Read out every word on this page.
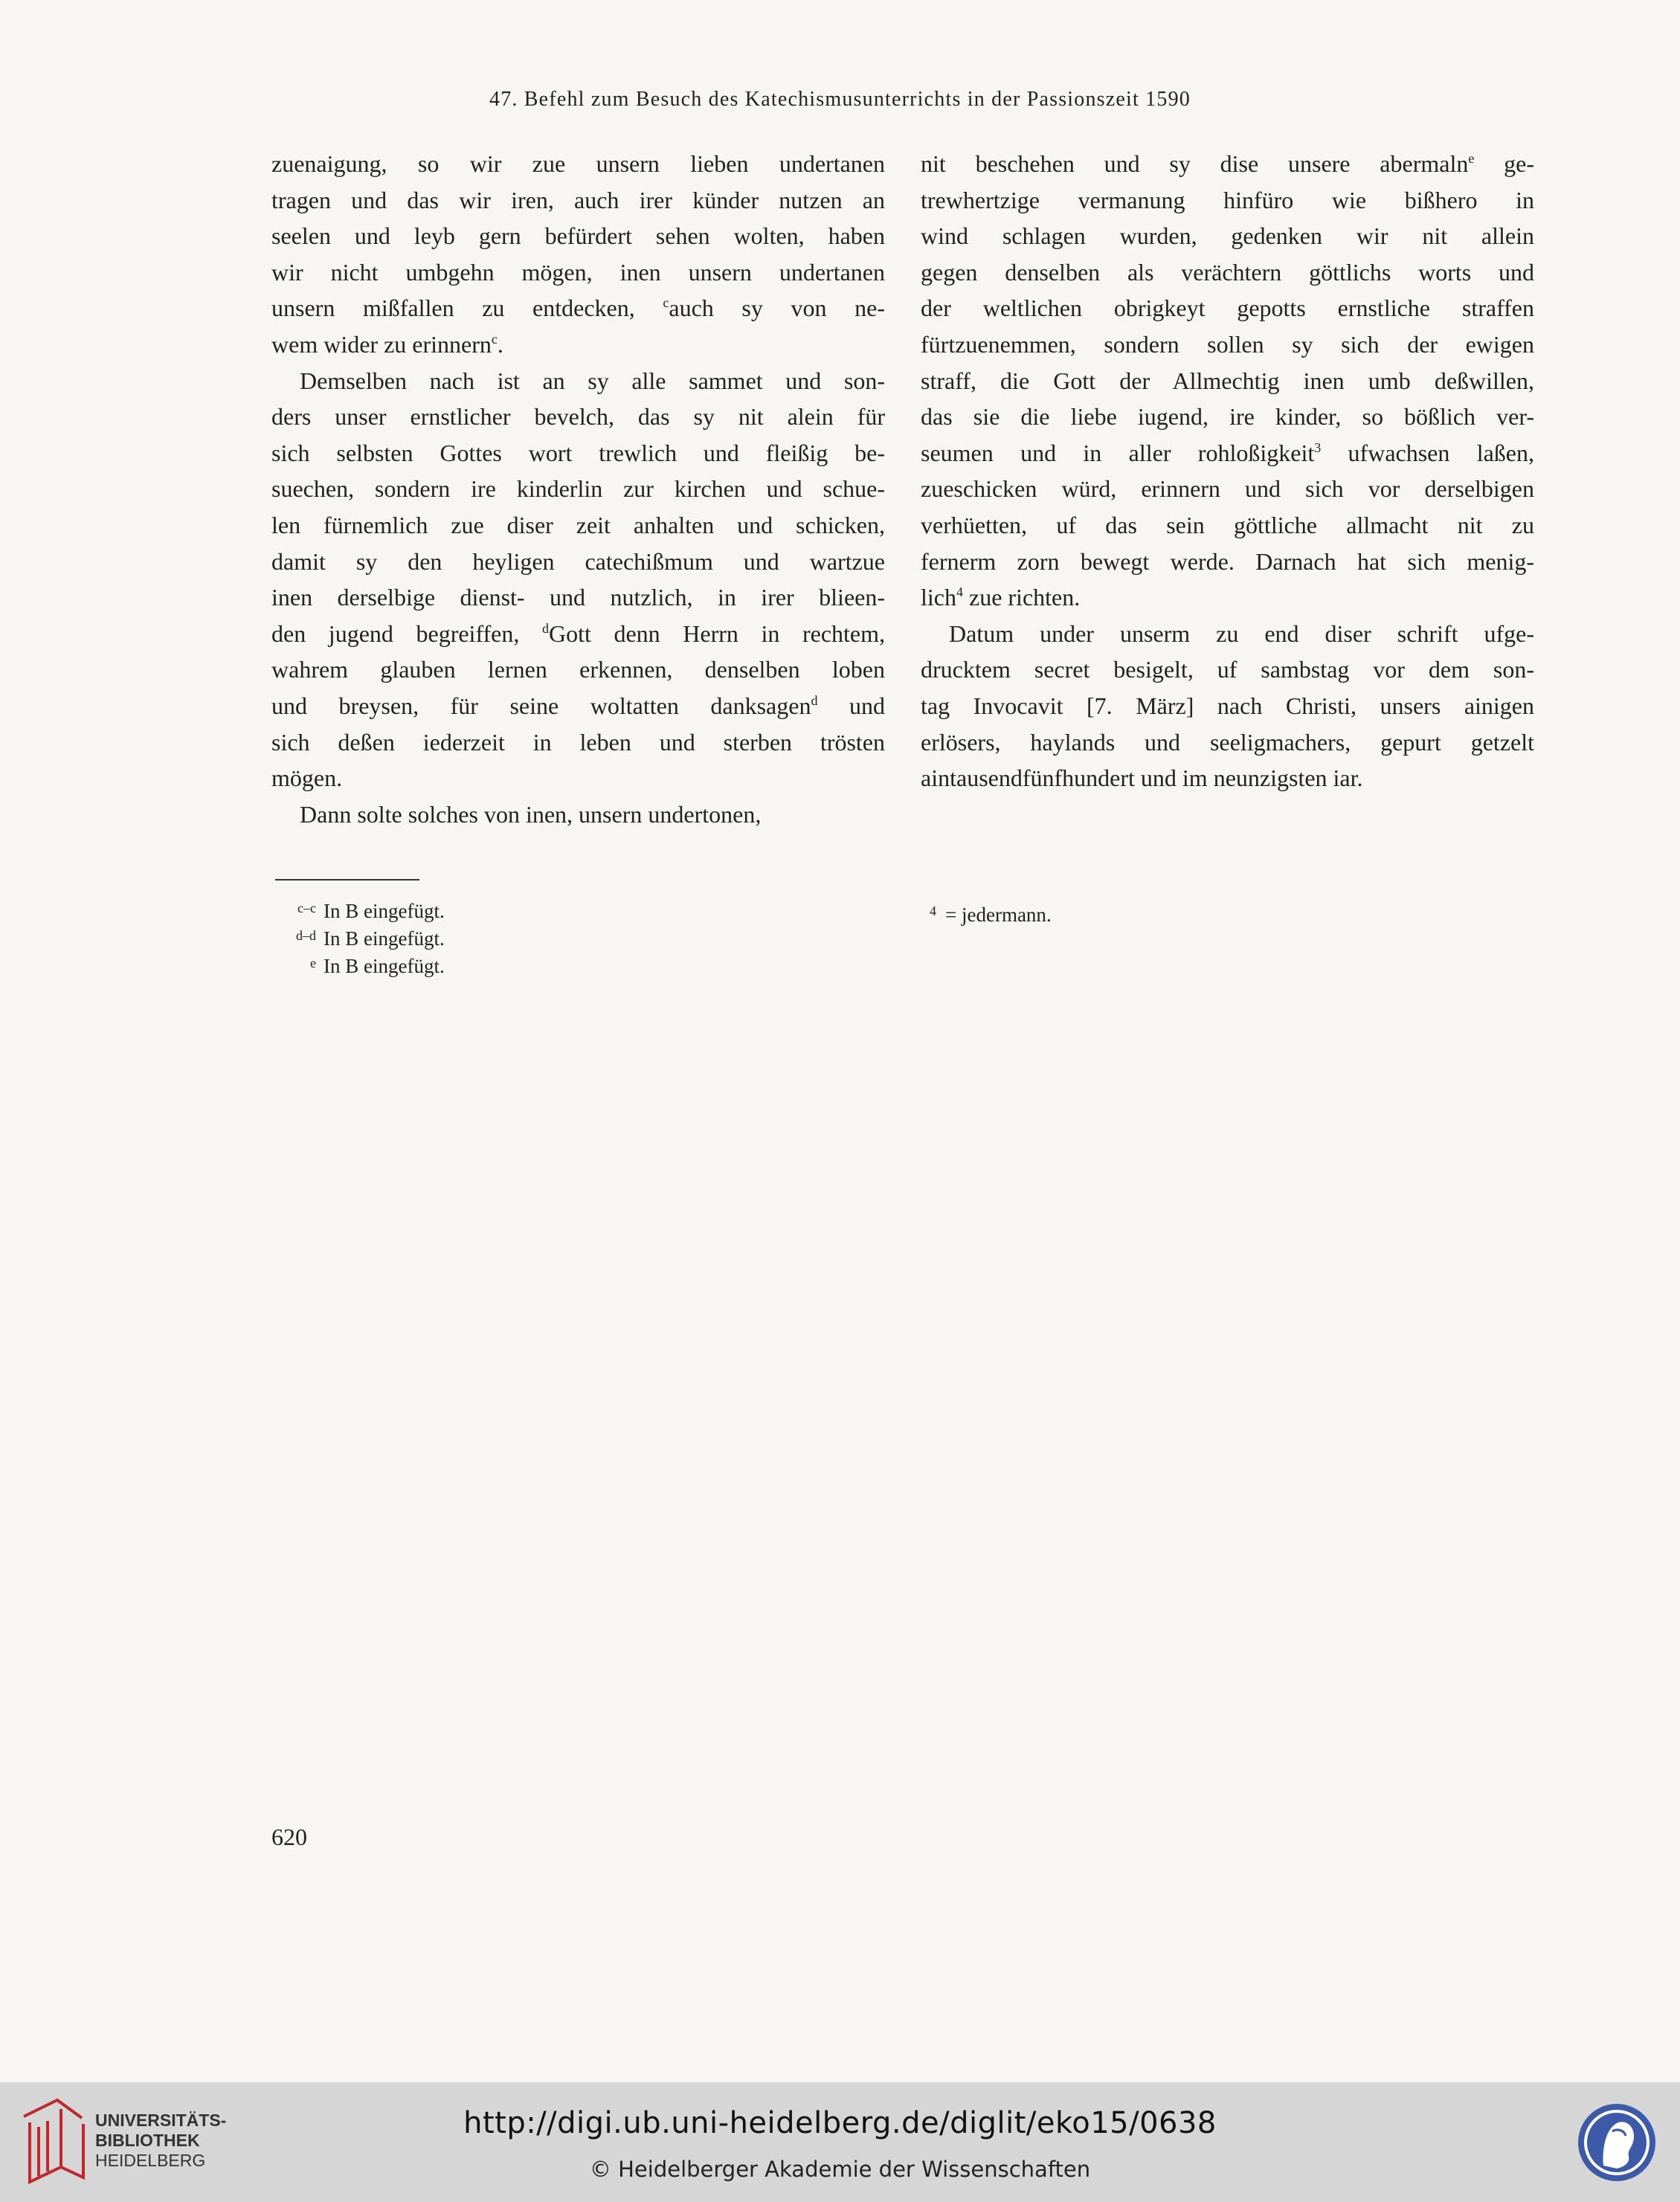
47. Befehl zum Besuch des Katechismusunterrichts in der Passionszeit 1590
zuenaigung, so wir zue unsern lieben undertanen
tragen und das wir iren, auch irer künder nutzen an
seelen und leyb gern befürdert sehen wolten, haben
wir nicht umbgehn mögen, inen unsern undertanen
unsern mißfallen zu entdecken, $^c$auch sy von ne-
wem wider zu erinnern$^c$.
Demselben nach ist an sy alle sammet und son-
ders unser ernstlicher bevelch, das sy nit alein für
sich selbsten Gottes wort trewlich und fleißig be-
suechen, sondern ire kinderlin zur kirchen und schue-
len fürnemlich zue diser zeit anhalten und schicken,
damit sy den heyligen catechißmum und wartzue
inen derselbige dienst- und nutzlich, in irer blieen-
den jugend begreiffen, $^d$Gott denn Herrn in rechtem,
wahrem glauben lernen erkennen, denselben loben
und breysen, für seine woltatten danksagen$^d$ und
sich deßen iederzeit in leben und sterben trösten
mögen.
Dann solte solches von inen, unsern undertonen,
nit beschehen und sy dise unsere abermaln$^e$ ge-
trewhertzige vermanung hinfüro wie bißhero in
wind schlagen wurden, gedenken wir nit allein
gegen denselben als verächtern göttlichs worts und
der weltlichen obrigkeyt gepotts ernstliche straffen
fürtzuenemmen, sondern sollen sy sich der ewigen
straff, die Gott der Allmechtig inen umb deßwillen,
das sie die liebe iugend, ire kinder, so bößlich ver-
seumen und in aller rohloßigkeit$^3$ ufwachsen laßen,
zueschicken würd, erinnern und sich vor derselbigen
verhüetten, uf das sein göttliche allmacht nit zu
fernerm zorn bewegt werde. Darnach hat sich menig-
lich$^4$ zue richten.
Datum under unserm zu end diser schrift ufge-
drucktem secret besigelt, uf sambstag vor dem son-
tag Invocavit [7. März] nach Christi, unsers ainigen
erlösers, haylands und seeligmachers, gepurt getzelt
aintausendfünfhundert und im neunzigsten iar.
c–c In B eingefügt.
d–d In B eingefügt.
e In B eingefügt.
$^4$ = jedermann.
620
UNIVERSITÄTS-
BIBLIOTHEK
HEIDELBERG
http://digi.ub.uni-heidelberg.de/diglit/eko15/0638
© Heidelberger Akademie der Wissenschaften
